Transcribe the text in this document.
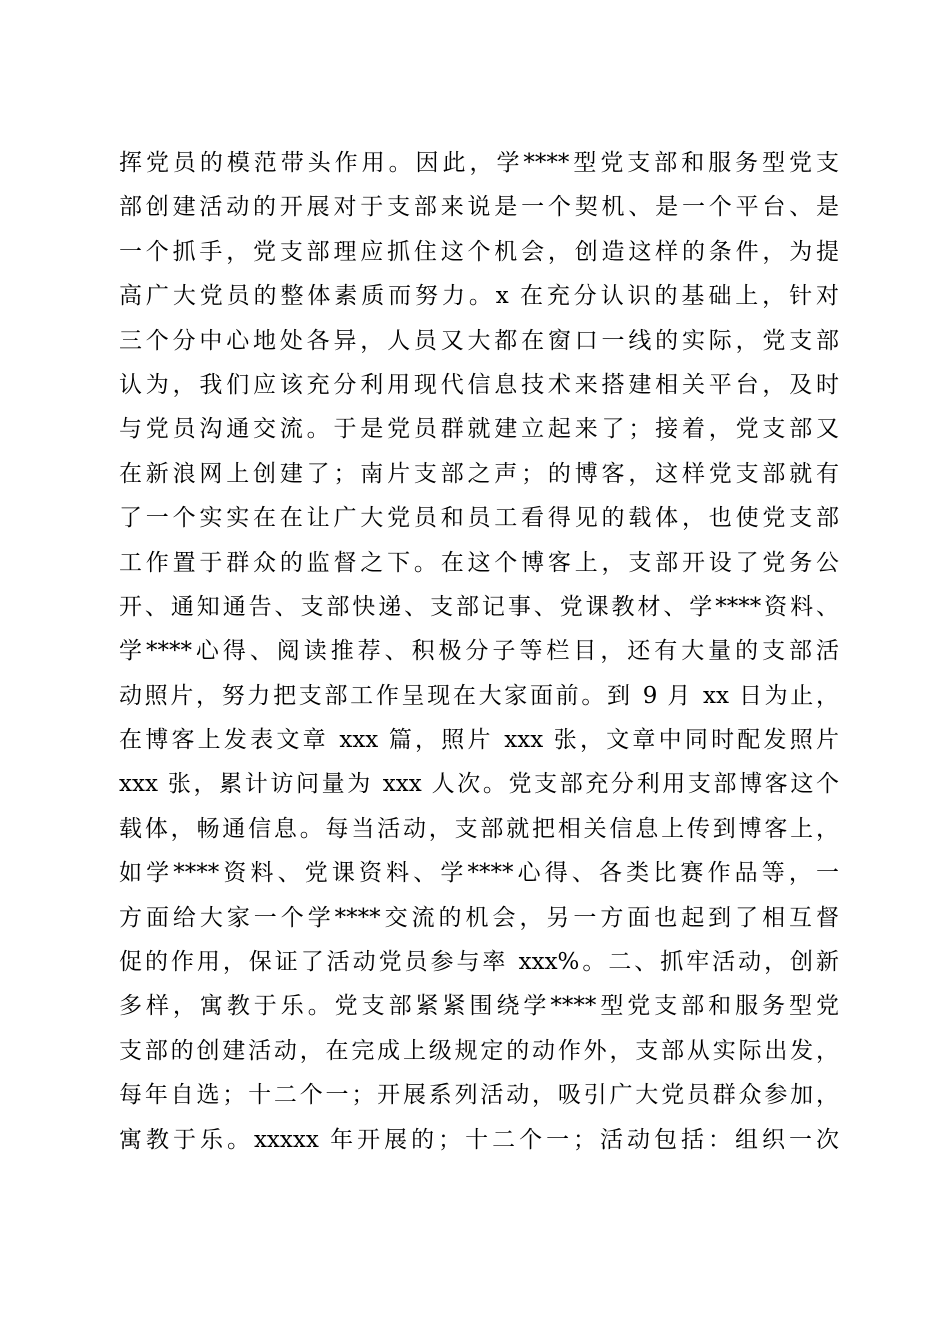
挥党员的模范带头作用。因此，学****型党支部和服务型党支
部创建活动的开展对于支部来说是一个契机、是一个平台、是
一个抓手，党支部理应抓住这个机会，创造这样的条件，为提
高广大党员的整体素质而努力。x 在充分认识的基础上，针对
三个分中心地处各异，人员又大都在窗口一线的实际，党支部
认为，我们应该充分利用现代信息技术来搭建相关平台，及时
与党员沟通交流。于是党员群就建立起来了；接着，党支部又
在新浪网上创建了；南片支部之声；的博客，这样党支部就有
了一个实实在在让广大党员和员工看得见的载体，也使党支部
工作置于群众的监督之下。在这个博客上，支部开设了党务公
开、通知通告、支部快递、支部记事、党课教材、学****资料、
学****心得、阅读推荐、积极分子等栏目，还有大量的支部活
动照片，努力把支部工作呈现在大家面前。到 9 月 xx 日为止，
在博客上发表文章 xxx 篇，照片 xxx 张，文章中同时配发照片
xxx 张，累计访问量为 xxx 人次。党支部充分利用支部博客这个
载体，畅通信息。每当活动，支部就把相关信息上传到博客上，
如学****资料、党课资料、学****心得、各类比赛作品等，一
方面给大家一个学****交流的机会，另一方面也起到了相互督
促的作用，保证了活动党员参与率 xxx%。二、抓牢活动，创新
多样，寓教于乐。党支部紧紧围绕学****型党支部和服务型党
支部的创建活动，在完成上级规定的动作外，支部从实际出发，
每年自选；十二个一；开展系列活动，吸引广大党员群众参加，
寓教于乐。xxxxx 年开展的；十二个一；活动包括：组织一次
